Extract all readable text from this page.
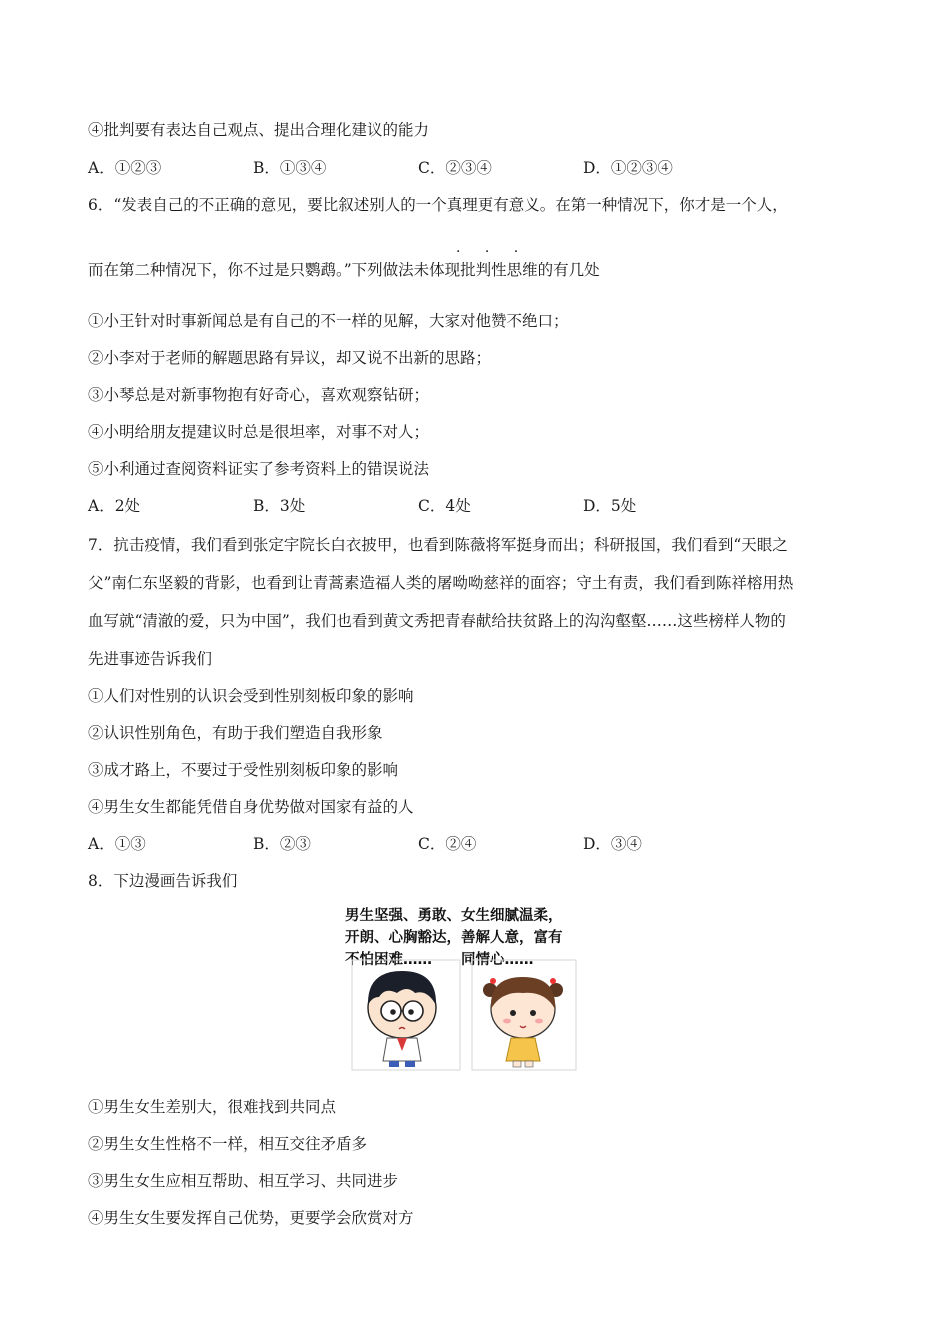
④批判要有表达自己观点、提出合理化建议的能力
A．①②③	B．①③④	C．②③④	D．①②③④
6．“发表自己的不正确的意见，要比叙述别人的一个真理更有意义。在第一种情况下，你才是一个人，
· · ·
而在第二种情况下，你不过是只鹦鹉。”下列做法未体现批判性思维的有几处
①小王针对时事新闻总是有自己的不一样的见解，大家对他赞不绝口；
②小李对于老师的解题思路有异议，却又说不出新的思路；
③小琴总是对新事物抱有好奇心，喜欢观察钻研；
④小明给朋友提建议时总是很坦率，对事不对人；
⑤小利通过查阅资料证实了参考资料上的错误说法
A．2处	B．3处	C．4处	D．5处
7．抗击疫情，我们看到张定宇院长白衣披甲，也看到陈薇将军挺身而出；科研报国，我们看到“天眼之
父”南仁东坚毅的背影，也看到让青蒿素造福人类的屠呦呦慈祥的面容；守土有责，我们看到陈祥榕用热
血写就“清澈的爱，只为中国”，我们也看到黄文秀把青春献给扶贫路上的沟沟壑壑……这些榜样人物的
先进事迹告诉我们
①人们对性别的认识会受到性别刻板印象的影响
②认识性别角色，有助于我们塑造自我形象
③成才路上，不要过于受性别刻板印象的影响
④男生女生都能凭借自身优势做对国家有益的人
A．①③	B．②③	C．②④	D．③④
8．下边漫画告诉我们
男生坚强、勇敢、女生细腻温柔，
开朗、心胸豁达，善解人意，富有
不怕困难……　　同情心……
①男生女生差别大，很难找到共同点
②男生女生性格不一样，相互交往矛盾多
③男生女生应相互帮助、相互学习、共同进步
④男生女生要发挥自己优势，更要学会欣赏对方
